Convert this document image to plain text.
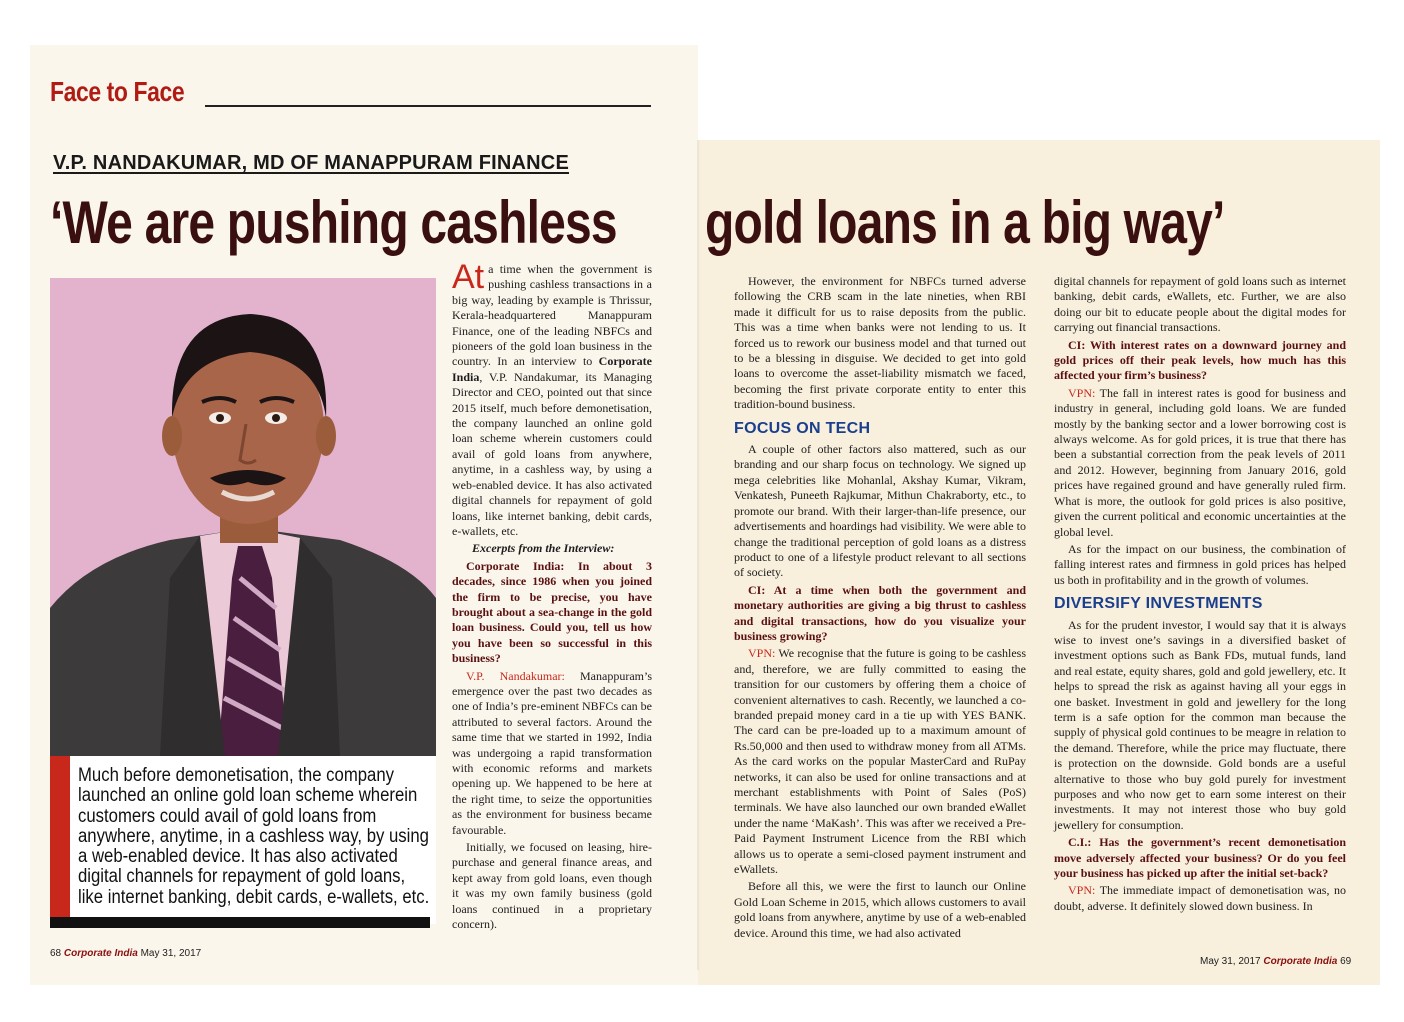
Face to Face
V.P. NANDAKUMAR, MD OF MANAPPURAM FINANCE
‘We are pushing cashless gold loans in a big way’
Much before demonetisation, the company launched an online gold loan scheme wherein customers could avail of gold loans from anywhere, anytime, in a cashless way, by using a web-enabled device. It has also activated digital channels for repayment of gold loans, like internet banking, debit cards, e-wallets, etc.

At a time when the government is pushing cashless transactions in a big way, leading by example is Thrissur, Kerala-headquartered Manappuram Finance, one of the leading NBFCs and pioneers of the gold loan business in the country. In an interview to Corporate India, V.P. Nandakumar, its Managing Director and CEO, pointed out that since 2015 itself, much before demonetisation, the company launched an online gold loan scheme wherein customers could avail of gold loans from anywhere, anytime, in a cashless way, by using a web-enabled device. It has also activated digital channels for repayment of gold loans, like internet banking, debit cards, e-wallets, etc.

Excerpts from the Interview:

Corporate India: In about 3 decades, since 1986 when you joined the firm to be precise, you have brought about a sea-change in the gold loan business. Could you, tell us how you have been so successful in this business?

V.P. Nandakumar: Manappuram’s emergence over the past two decades as one of India’s pre-eminent NBFCs can be attributed to several factors. Around the same time that we started in 1992, India was undergoing a rapid transformation with economic reforms and markets opening up. We happened to be here at the right time, to seize the opportunities as the environment for business became favourable.

Initially, we focused on leasing, hire-purchase and general finance areas, and kept away from gold loans, even though it was my own family business (gold loans continued in a proprietary concern).

However, the environment for NBFCs turned adverse following the CRB scam in the late nineties, when RBI made it difficult for us to raise deposits from the public. This was a time when banks were not lending to us. It forced us to rework our business model and that turned out to be a blessing in disguise. We decided to get into gold loans to overcome the asset-liability mismatch we faced, becoming the first private corporate entity to enter this tradition-bound business.

FOCUS ON TECH

A couple of other factors also mattered, such as our branding and our sharp focus on technology. We signed up mega celebrities like Mohanlal, Akshay Kumar, Vikram, Venkatesh, Puneeth Rajkumar, Mithun Chakraborty, etc., to promote our brand. With their larger-than-life presence, our advertisements and hoardings had visibility. We were able to change the traditional perception of gold loans as a distress product to one of a lifestyle product relevant to all sections of society.

CI: At a time when both the government and monetary authorities are giving a big thrust to cashless and digital transactions, how do you visualize your business growing?

VPN: We recognise that the future is going to be cashless and, therefore, we are fully committed to easing the transition for our customers by offering them a choice of convenient alternatives to cash. Recently, we launched a co-branded prepaid money card in a tie up with YES BANK. The card can be pre-loaded up to a maximum amount of Rs.50,000 and then used to withdraw money from all ATMs. As the card works on the popular MasterCard and RuPay networks, it can also be used for online transactions and at merchant establishments with Point of Sales (PoS) terminals. We have also launched our own branded eWallet under the name ‘MaKash’. This was after we received a Pre-Paid Payment Instrument Licence from the RBI which allows us to operate a semi-closed payment instrument and eWallets.

Before all this, we were the first to launch our Online Gold Loan Scheme in 2015, which allows customers to avail gold loans from anywhere, anytime by use of a web-enabled device. Around this time, we had also activated

digital channels for repayment of gold loans such as internet banking, debit cards, eWallets, etc. Further, we are also doing our bit to educate people about the digital modes for carrying out financial transactions.

CI: With interest rates on a downward journey and gold prices off their peak levels, how much has this affected your firm’s business?

VPN: The fall in interest rates is good for business and industry in general, including gold loans. We are funded mostly by the banking sector and a lower borrowing cost is always welcome. As for gold prices, it is true that there has been a substantial correction from the peak levels of 2011 and 2012. However, beginning from January 2016, gold prices have regained ground and have generally ruled firm. What is more, the outlook for gold prices is also positive, given the current political and economic uncertainties at the global level.

As for the impact on our business, the combination of falling interest rates and firmness in gold prices has helped us both in profitability and in the growth of volumes.

DIVERSIFY INVESTMENTS

As for the prudent investor, I would say that it is always wise to invest one’s savings in a diversified basket of investment options such as Bank FDs, mutual funds, land and real estate, equity shares, gold and gold jewellery, etc. It helps to spread the risk as against having all your eggs in one basket. Investment in gold and jewellery for the long term is a safe option for the common man because the supply of physical gold continues to be meagre in relation to the demand. Therefore, while the price may fluctuate, there is protection on the downside. Gold bonds are a useful alternative to those who buy gold purely for investment purposes and who now get to earn some interest on their investments. It may not interest those who buy gold jewellery for consumption.

C.I.: Has the government’s recent demonetisation move adversely affected your business? Or do you feel your business has picked up after the initial set-back?

VPN: The immediate impact of demonetisation was, no doubt, adverse. It definitely slowed down business. In

68 Corporate India May 31, 2017
May 31, 2017 Corporate India 69
